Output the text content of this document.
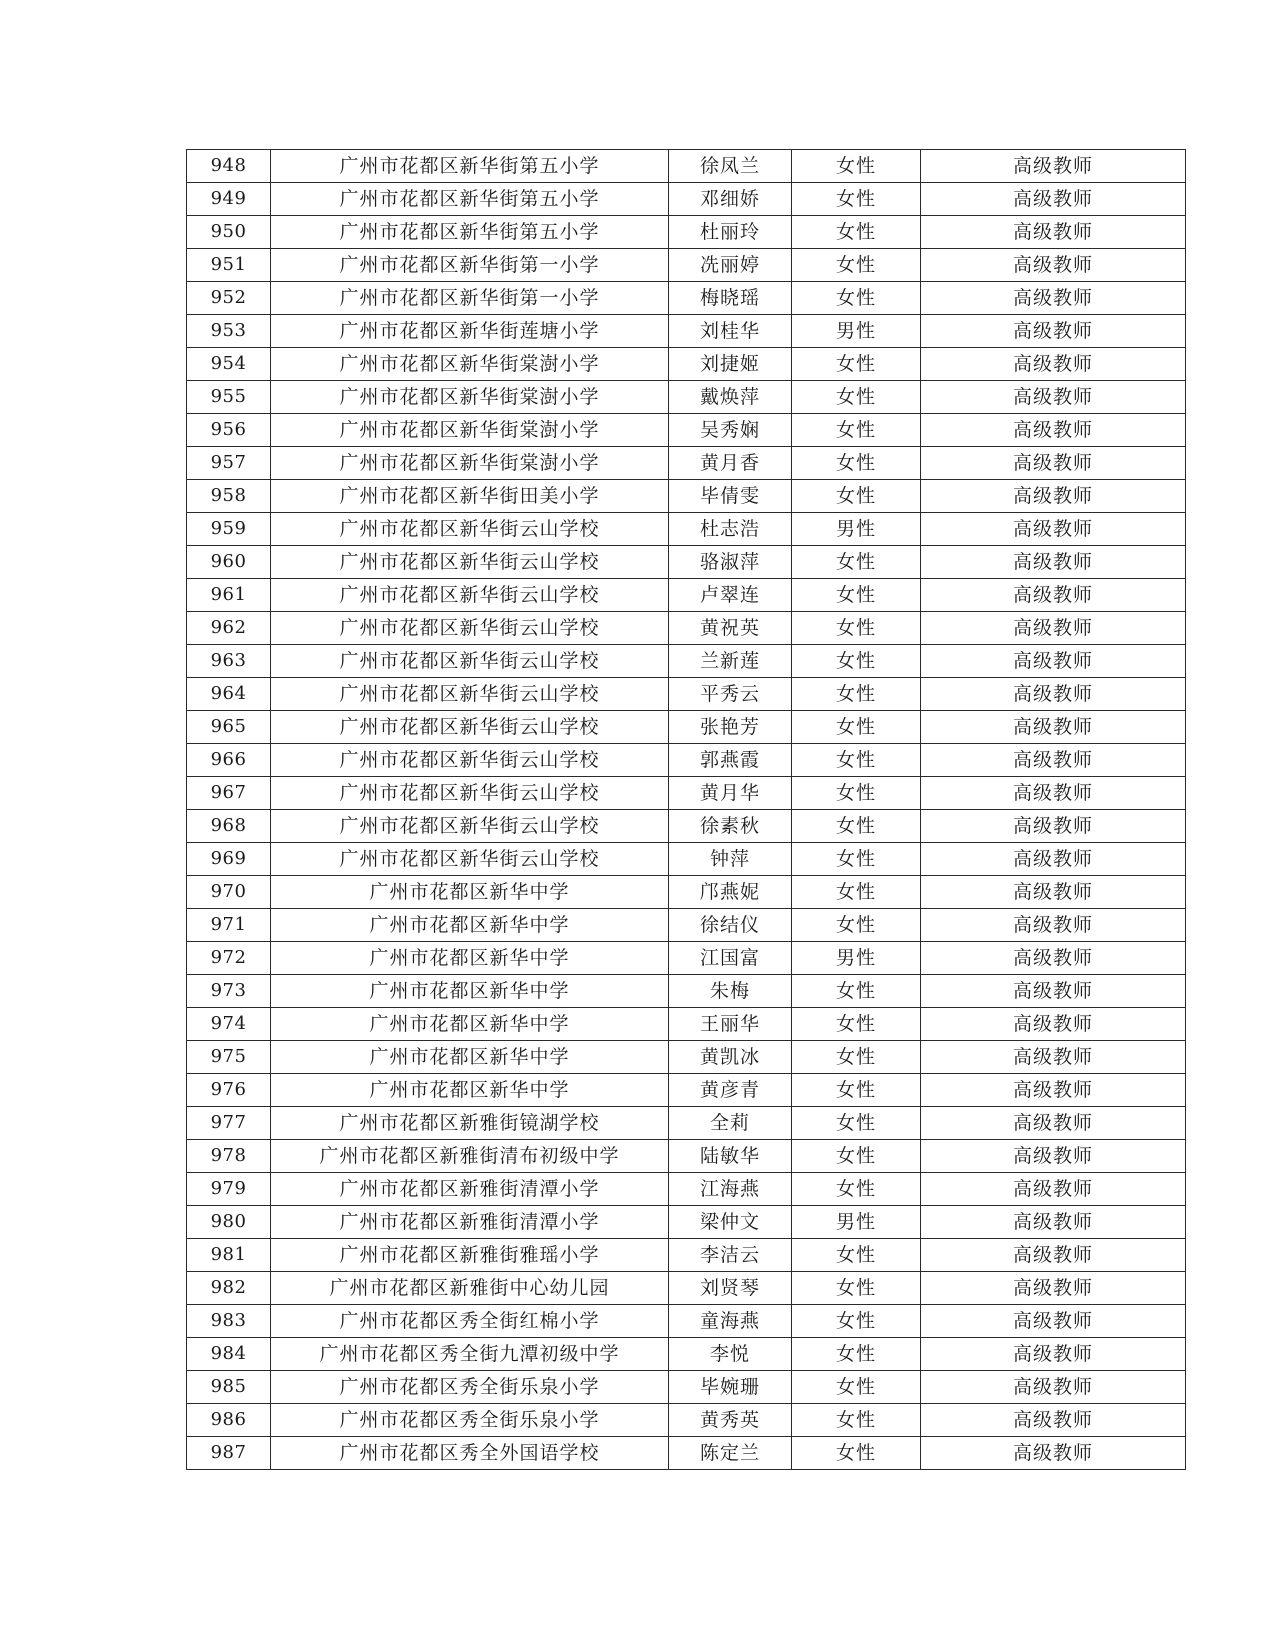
948	广州市花都区新华街第五小学	徐凤兰	女性	高级教师
949	广州市花都区新华街第五小学	邓细娇	女性	高级教师
950	广州市花都区新华街第五小学	杜丽玲	女性	高级教师
951	广州市花都区新华街第一小学	冼丽婷	女性	高级教师
952	广州市花都区新华街第一小学	梅晓瑶	女性	高级教师
953	广州市花都区新华街莲塘小学	刘桂华	男性	高级教师
954	广州市花都区新华街棠澍小学	刘捷姬	女性	高级教师
955	广州市花都区新华街棠澍小学	戴焕萍	女性	高级教师
956	广州市花都区新华街棠澍小学	吴秀娴	女性	高级教师
957	广州市花都区新华街棠澍小学	黄月香	女性	高级教师
958	广州市花都区新华街田美小学	毕倩雯	女性	高级教师
959	广州市花都区新华街云山学校	杜志浩	男性	高级教师
960	广州市花都区新华街云山学校	骆淑萍	女性	高级教师
961	广州市花都区新华街云山学校	卢翠连	女性	高级教师
962	广州市花都区新华街云山学校	黄祝英	女性	高级教师
963	广州市花都区新华街云山学校	兰新莲	女性	高级教师
964	广州市花都区新华街云山学校	平秀云	女性	高级教师
965	广州市花都区新华街云山学校	张艳芳	女性	高级教师
966	广州市花都区新华街云山学校	郭燕霞	女性	高级教师
967	广州市花都区新华街云山学校	黄月华	女性	高级教师
968	广州市花都区新华街云山学校	徐素秋	女性	高级教师
969	广州市花都区新华街云山学校	钟萍	女性	高级教师
970	广州市花都区新华中学	邝燕妮	女性	高级教师
971	广州市花都区新华中学	徐结仪	女性	高级教师
972	广州市花都区新华中学	江国富	男性	高级教师
973	广州市花都区新华中学	朱梅	女性	高级教师
974	广州市花都区新华中学	王丽华	女性	高级教师
975	广州市花都区新华中学	黄凯冰	女性	高级教师
976	广州市花都区新华中学	黄彦青	女性	高级教师
977	广州市花都区新雅街镜湖学校	全莉	女性	高级教师
978	广州市花都区新雅街清布初级中学	陆敏华	女性	高级教师
979	广州市花都区新雅街清潭小学	江海燕	女性	高级教师
980	广州市花都区新雅街清潭小学	梁仲文	男性	高级教师
981	广州市花都区新雅街雅瑶小学	李洁云	女性	高级教师
982	广州市花都区新雅街中心幼儿园	刘贤琴	女性	高级教师
983	广州市花都区秀全街红棉小学	童海燕	女性	高级教师
984	广州市花都区秀全街九潭初级中学	李悦	女性	高级教师
985	广州市花都区秀全街乐泉小学	毕婉珊	女性	高级教师
986	广州市花都区秀全街乐泉小学	黄秀英	女性	高级教师
987	广州市花都区秀全外国语学校	陈定兰	女性	高级教师
